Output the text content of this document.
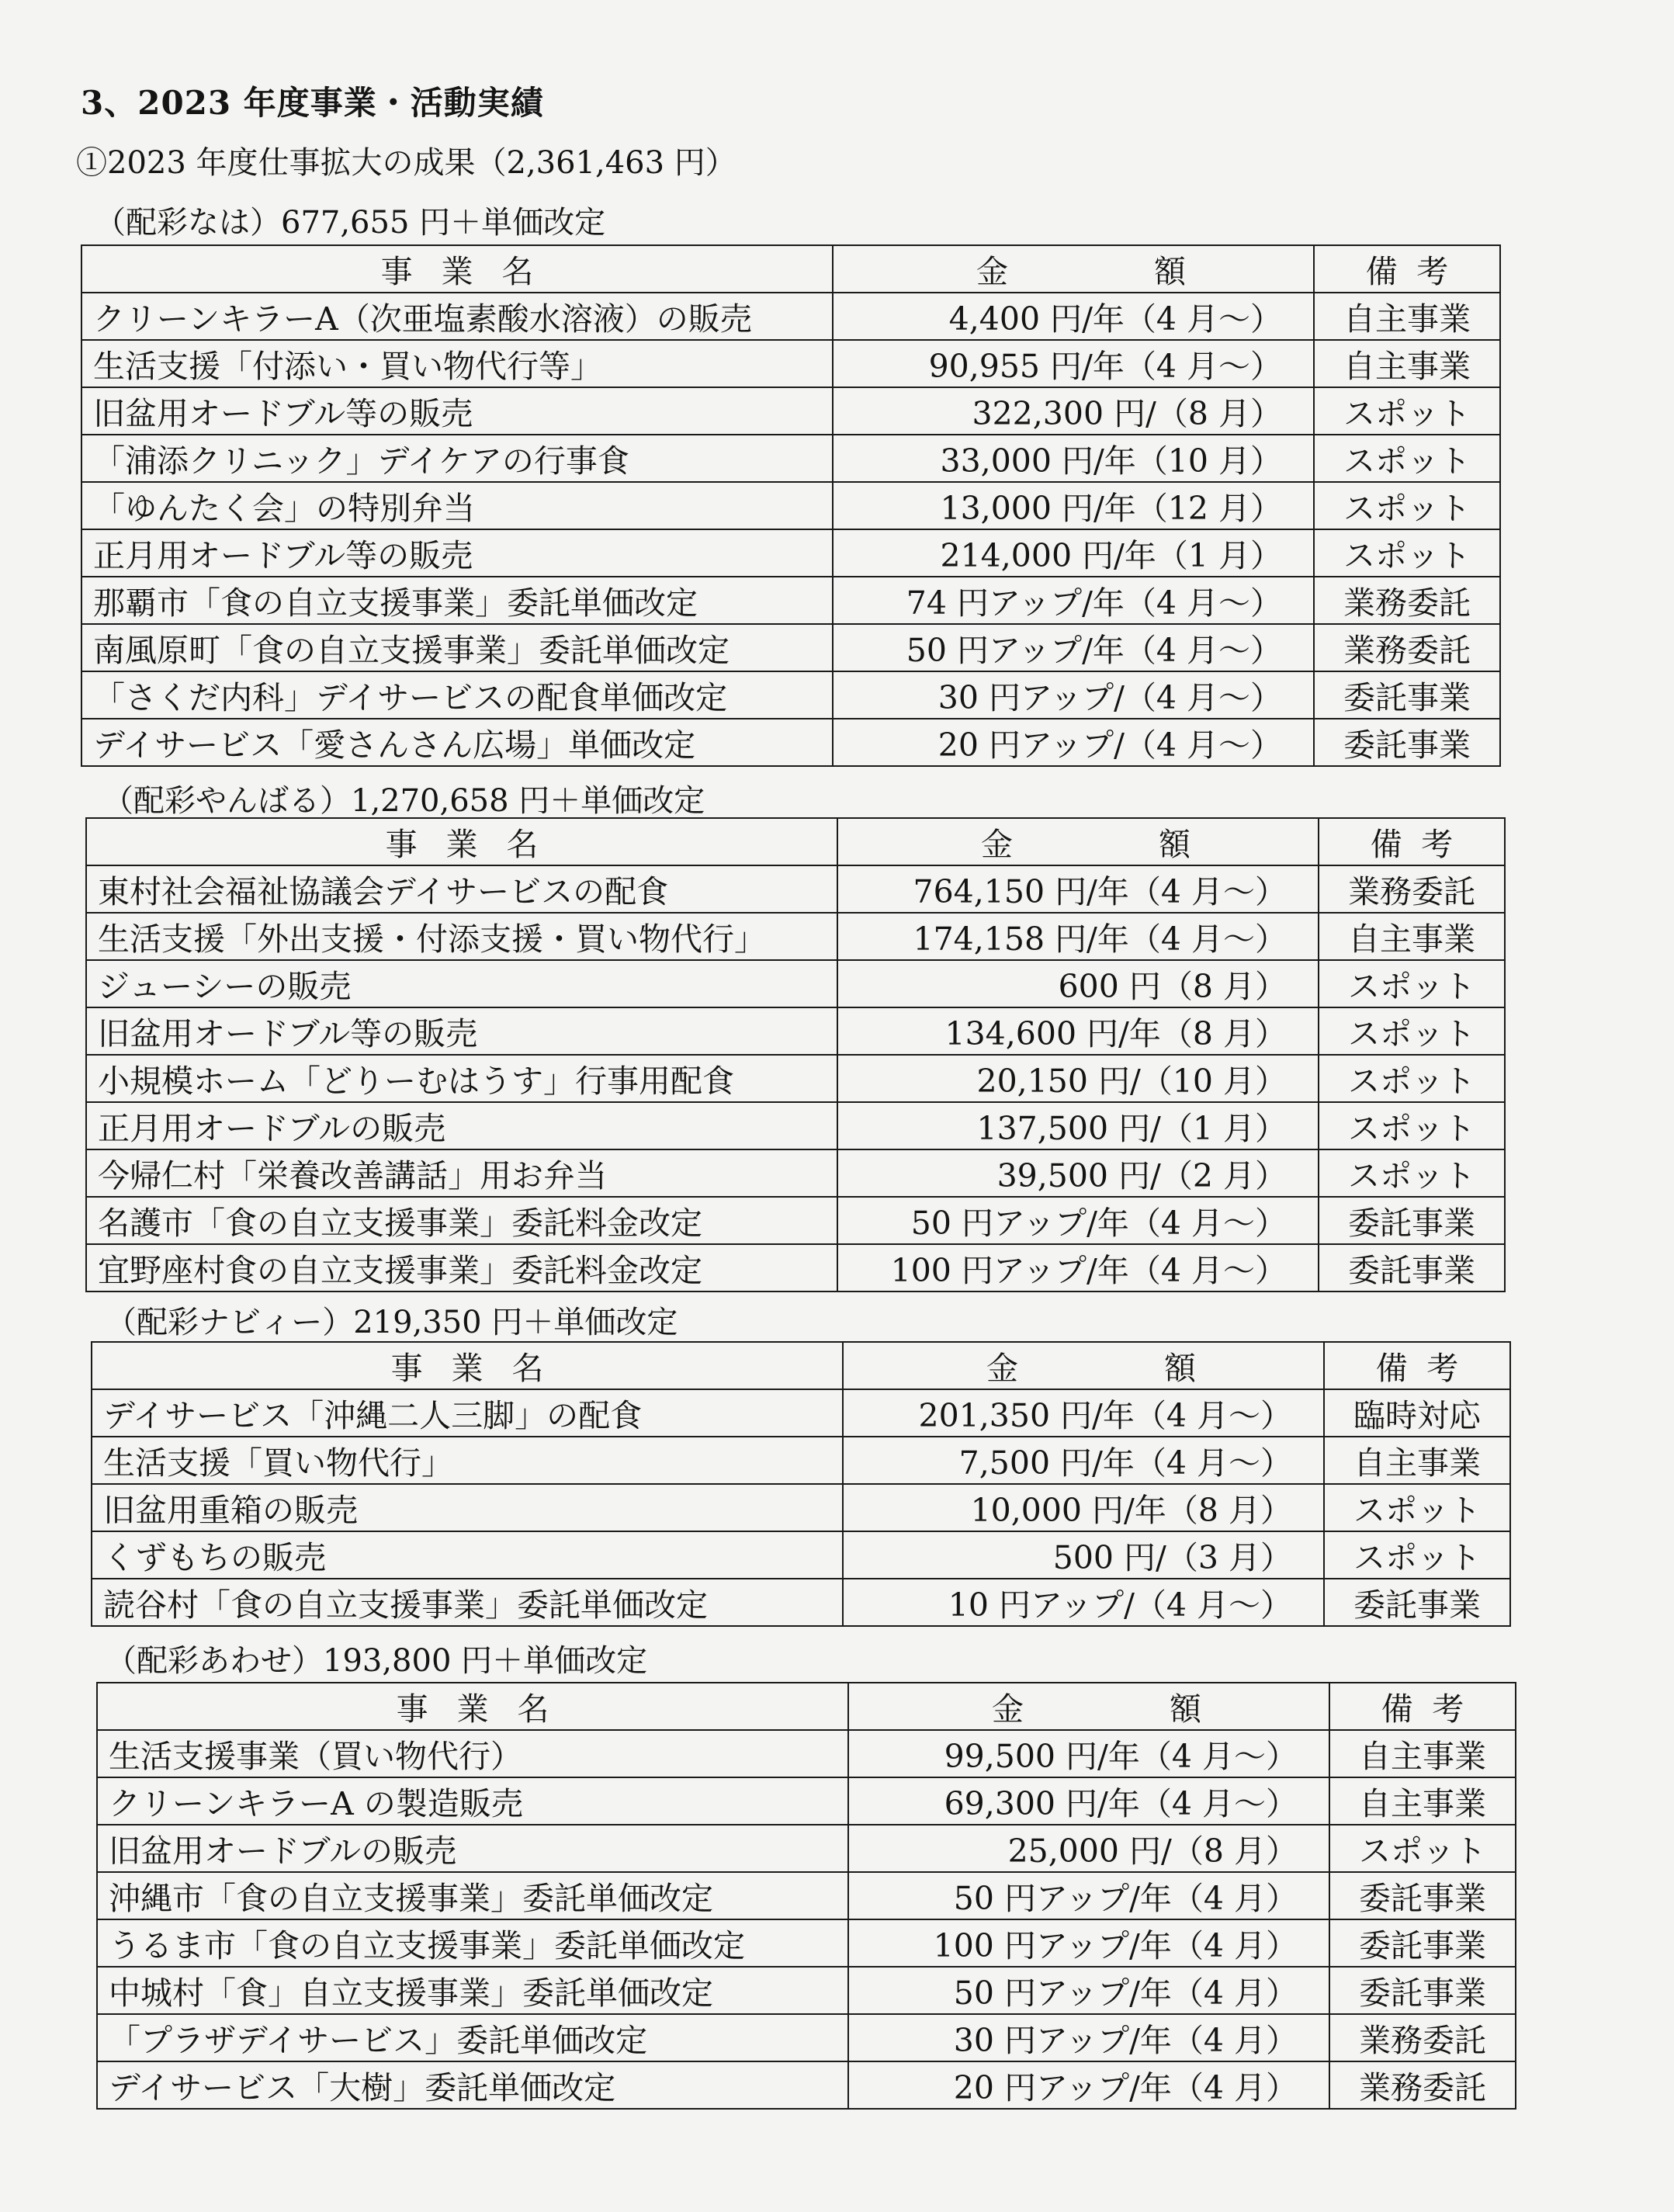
3、2023 年度事業・活動実績
①2023 年度仕事拡大の成果（2,361,463 円）
（配彩なは）677,655 円＋単価改定
事業名	金 額	備考
クリーンキラーA（次亜塩素酸水溶液）の販売	4,400 円/年（4 月～）	自主事業
生活支援「付添い・買い物代行等」	90,955 円/年（4 月～）	自主事業
旧盆用オードブル等の販売	322,300 円/（8 月）	スポット
「浦添クリニック」デイケアの行事食	33,000 円/年（10 月）	スポット
「ゆんたく会」の特別弁当	13,000 円/年（12 月）	スポット
正月用オードブル等の販売	214,000 円/年（1 月）	スポット
那覇市「食の自立支援事業」委託単価改定	74 円アップ/年（4 月～）	業務委託
南風原町「食の自立支援事業」委託単価改定	50 円アップ/年（4 月～）	業務委託
「さくだ内科」デイサービスの配食単価改定	30 円アップ/（4 月～）	委託事業
デイサービス「愛さんさん広場」単価改定	20 円アップ/（4 月～）	委託事業
（配彩やんばる）1,270,658 円＋単価改定
事業名	金 額	備考
東村社会福祉協議会デイサービスの配食	764,150 円/年（4 月～）	業務委託
生活支援「外出支援・付添支援・買い物代行」	174,158 円/年（4 月～）	自主事業
ジューシーの販売	600 円（8 月）	スポット
旧盆用オードブル等の販売	134,600 円/年（8 月）	スポット
小規模ホーム「どりーむはうす」行事用配食	20,150 円/（10 月）	スポット
正月用オードブルの販売	137,500 円/（1 月）	スポット
今帰仁村「栄養改善講話」用お弁当	39,500 円/（2 月）	スポット
名護市「食の自立支援事業」委託料金改定	50 円アップ/年（4 月～）	委託事業
宜野座村食の自立支援事業」委託料金改定	100 円アップ/年（4 月～）	委託事業
（配彩ナビィー）219,350 円＋単価改定
事業名	金 額	備考
デイサービス「沖縄二人三脚」の配食	201,350 円/年（4 月～）	臨時対応
生活支援「買い物代行」	7,500 円/年（4 月～）	自主事業
旧盆用重箱の販売	10,000 円/年（8 月）	スポット
くずもちの販売	500 円/（3 月）	スポット
読谷村「食の自立支援事業」委託単価改定	10 円アップ/（4 月～）	委託事業
（配彩あわせ）193,800 円＋単価改定
事業名	金 額	備考
生活支援事業（買い物代行）	99,500 円/年（4 月～）	自主事業
クリーンキラーA の製造販売	69,300 円/年（4 月～）	自主事業
旧盆用オードブルの販売	25,000 円/（8 月）	スポット
沖縄市「食の自立支援事業」委託単価改定	50 円アップ/年（4 月）	委託事業
うるま市「食の自立支援事業」委託単価改定	100 円アップ/年（4 月）	委託事業
中城村「食」自立支援事業」委託単価改定	50 円アップ/年（4 月）	委託事業
「プラザデイサービス」委託単価改定	30 円アップ/年（4 月）	業務委託
デイサービス「大樹」委託単価改定	20 円アップ/年（4 月）	業務委託
